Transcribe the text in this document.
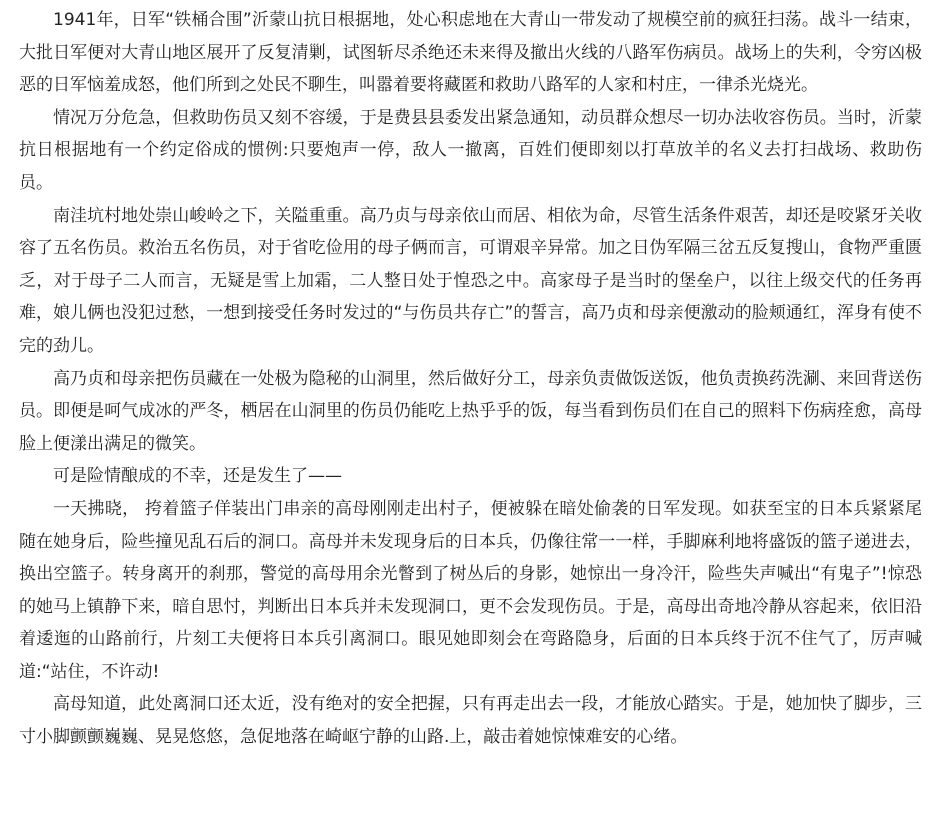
1941年，日军“铁桶合围”沂蒙山抗日根据地，处心积虑地在大青山一带发动了规模空前的疯狂扫荡。战斗一结束，大批日军便对大青山地区展开了反复清剿，试图斩尽杀绝还未来得及撤出火线的八路军伤病员。战场上的失利，令穷凶极恶的日军恼羞成怒，他们所到之处民不聊生，叫嚣着要将藏匿和救助八路军的人家和村庄，一律杀光烧光。

情况万分危急，但救助伤员又刻不容缓，于是费县县委发出紧急通知，动员群众想尽一切办法收容伤员。当时，沂蒙抗日根据地有一个约定俗成的惯例:只要炮声一停，敌人一撤离，百姓们便即刻以打草放羊的名义去打扫战场、救助伤员。

南洼坑村地处崇山峻岭之下，关隘重重。高乃贞与母亲依山而居、相依为命，尽管生活条件艰苦，却还是咬紧牙关收容了五名伤员。救治五名伤员，对于省吃俭用的母子俩而言，可谓艰辛异常。加之日伪军隔三岔五反复搜山，食物严重匮乏，对于母子二人而言，无疑是雪上加霜，二人整日处于惶恐之中。高家母子是当时的堡垒户，以往上级交代的任务再难，娘儿俩也没犯过愁，一想到接受任务时发过的“与伤员共存亡”的誓言，高乃贞和母亲便激动的脸颊通红，浑身有使不完的劲儿。

高乃贞和母亲把伤员藏在一处极为隐秘的山洞里，然后做好分工，母亲负责做饭送饭，他负责换药洗涮、来回背送伤员。即便是呵气成冰的严冬，栖居在山洞里的伤员仍能吃上热乎乎的饭，每当看到伤员们在自己的照料下伤病痊愈，高母脸上便漾出满足的微笑。

可是险情酿成的不幸，还是发生了——

一天拂晓， 挎着篮子佯装出门串亲的高母刚刚走出村子，便被躲在暗处偷袭的日军发现。如获至宝的日本兵紧紧尾随在她身后，险些撞见乱石后的洞口。高母并未发现身后的日本兵，仍像往常一一样，手脚麻利地将盛饭的篮子递进去，换出空篮子。转身离开的刹那，警觉的高母用余光瞥到了树丛后的身影，她惊出一身冷汗，险些失声喊出“有鬼子”!惊恐的她马上镇静下来，暗自思忖，判断出日本兵并未发现洞口，更不会发现伤员。于是，高母出奇地冷静从容起来，依旧沿着逶迤的山路前行，片刻工夫便将日本兵引离洞口。眼见她即刻会在弯路隐身，后面的日本兵终于沉不住气了，厉声喊道:“站住，不许动!

高母知道，此处离洞口还太近，没有绝对的安全把握，只有再走出去一段，才能放心踏实。于是，她加快了脚步，三寸小脚颤颤巍巍、晃晃悠悠，急促地落在崎岖宁静的山路.上，敲击着她惊悚难安的心绪。
